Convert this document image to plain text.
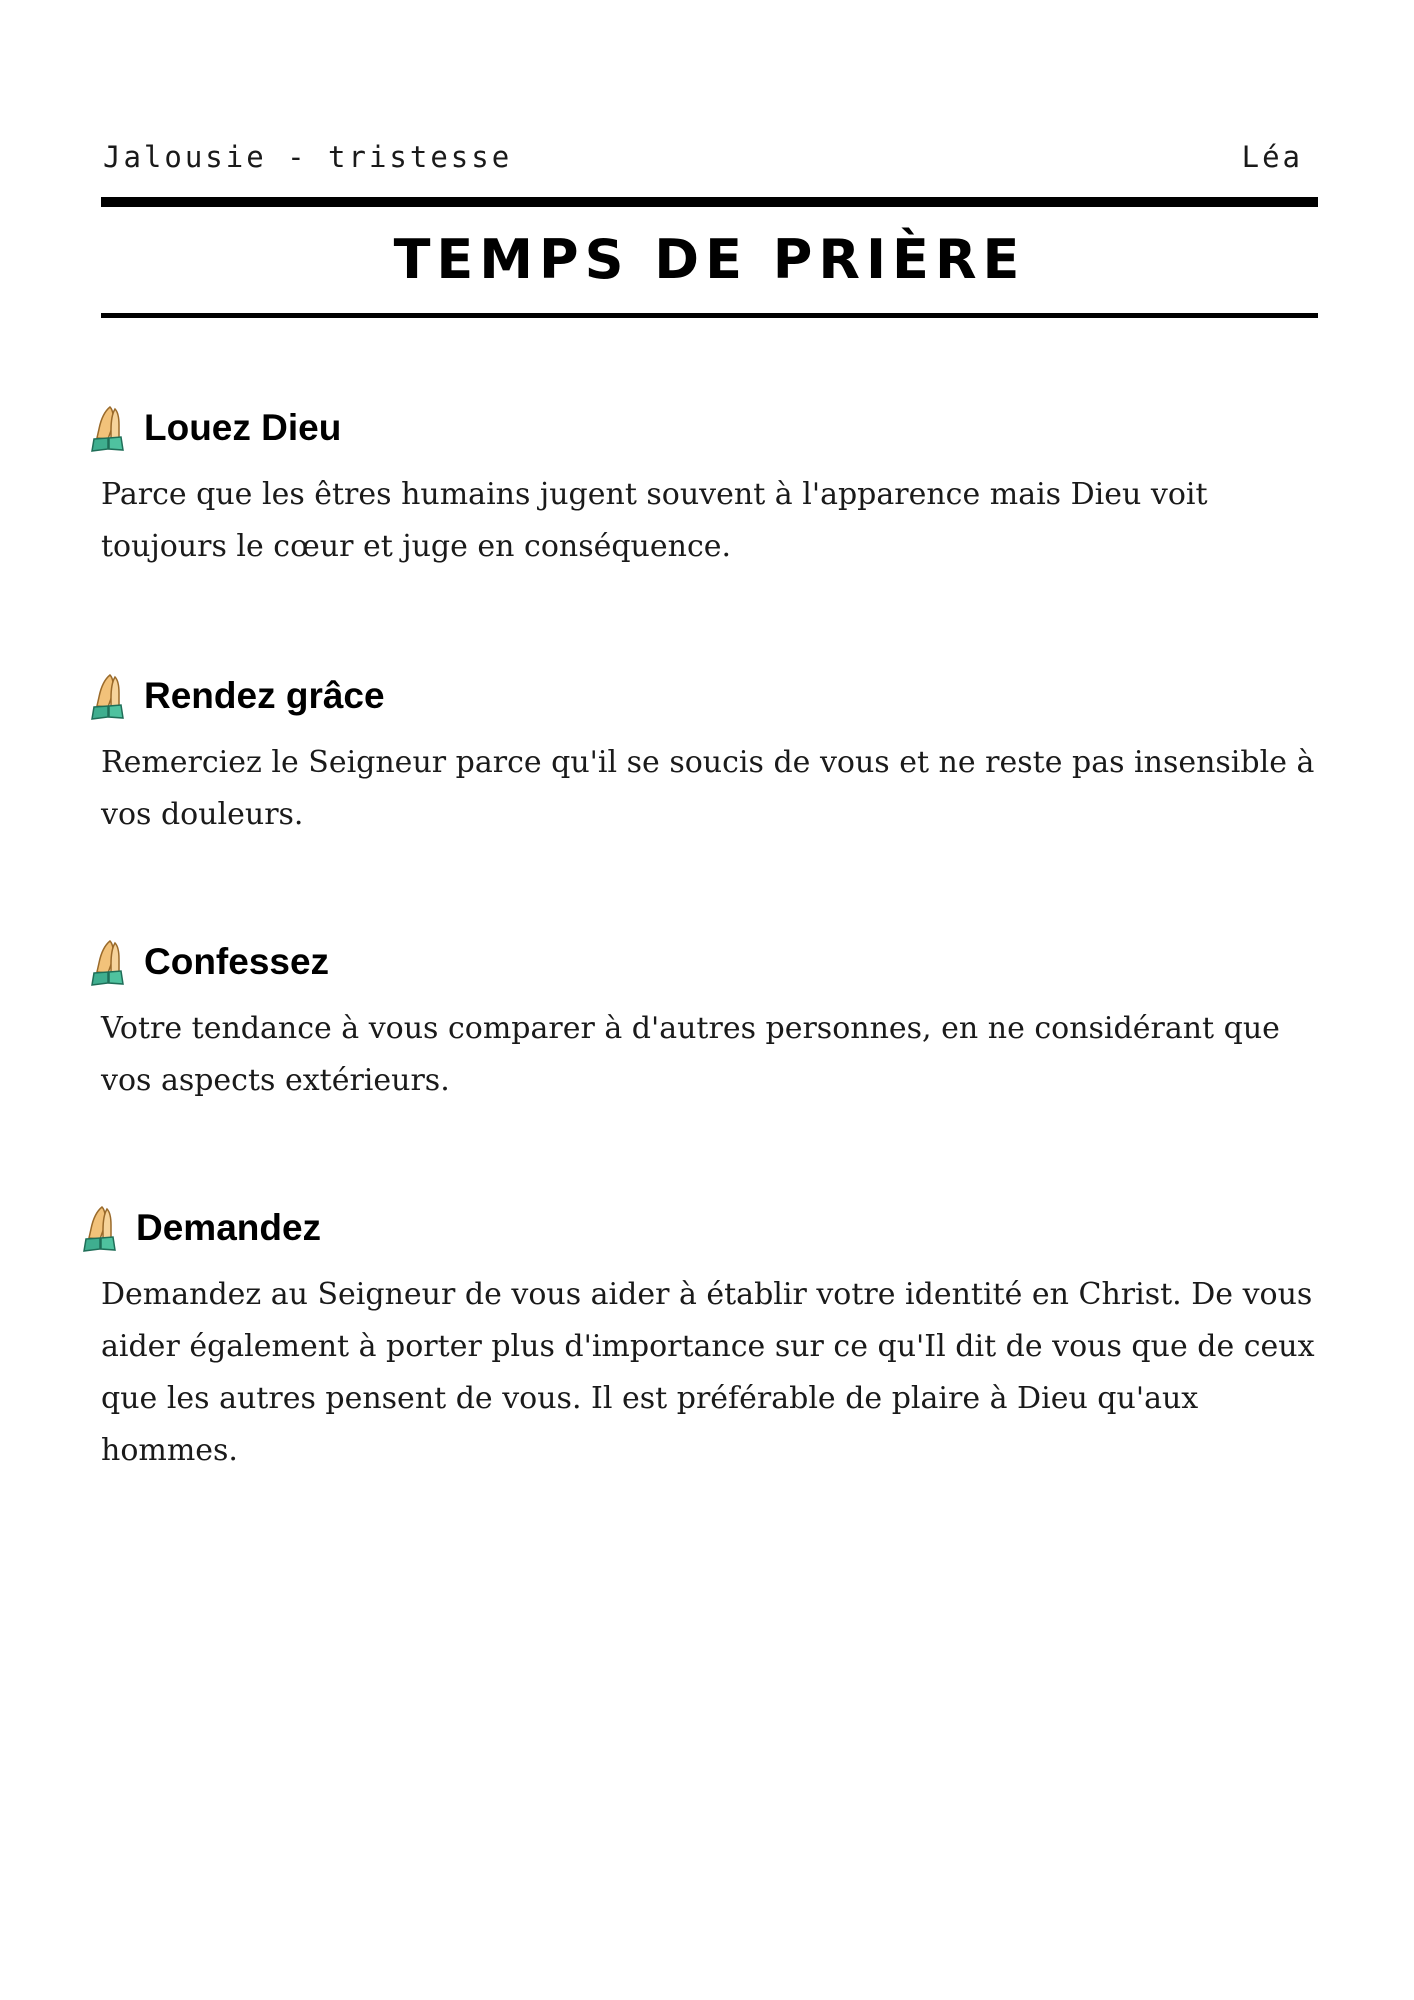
Jalousie - tristesse	Léa
TEMPS DE PRIÈRE
Louez Dieu
Parce que les êtres humains jugent souvent à l'apparence mais Dieu voit toujours le cœur et juge en conséquence.
Rendez grâce
Remerciez le Seigneur parce qu'il se soucis de vous et ne reste pas insensible à vos douleurs.
Confessez
Votre tendance à vous comparer à d'autres personnes, en ne considérant que vos aspects extérieurs.
Demandez
Demandez au Seigneur de vous aider à établir votre identité en Christ. De vous aider également à porter plus d'importance sur ce qu'Il dit de vous que de ceux que les autres pensent de vous. Il est préférable de plaire à Dieu qu'aux hommes.
